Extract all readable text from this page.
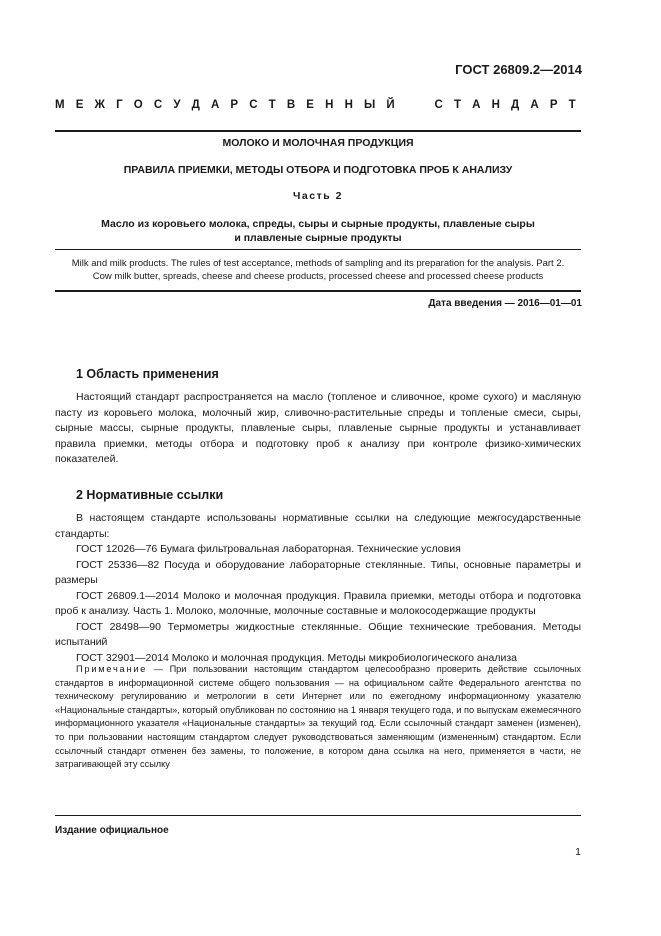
ГОСТ 26809.2—2014
М Е Ж Г О С У Д А Р С Т В Е Н Н Ы Й

	С Т А Н Д А Р Т
МОЛОКО И МОЛОЧНАЯ ПРОДУКЦИЯ
ПРАВИЛА ПРИЕМКИ, МЕТОДЫ ОТБОРА И ПОДГОТОВКА ПРОБ К АНАЛИЗУ
Часть 2
Масло из коровьего молока, спреды, сыры и сырные продукты, плавленые сыры
и плавленые сырные продукты
Milk and milk products. The rules of test acceptance, methods of sampling and its preparation for the analysis. Part 2.
Cow milk butter, spreads, cheese and cheese products, processed cheese and processed cheese products
Дата введения — 2016—01—01
1 Область применения
Настоящий стандарт распространяется на масло (топленое и сливочное, кроме сухого) и масляную пасту из коровьего молока, молочный жир, сливочно-растительные спреды и топленые смеси, сыры, сырные массы, сырные продукты, плавленые сыры, плавленые сырные продукты и устанавливает правила приемки, методы отбора и подготовку проб к анализу при контроле физико-химических показателей.
2 Нормативные ссылки
В настоящем стандарте использованы нормативные ссылки на следующие межгосударственные стандарты:
ГОСТ 12026—76 Бумага фильтровальная лабораторная. Технические условия
ГОСТ 25336—82 Посуда и оборудование лабораторные стеклянные. Типы, основные параметры и размеры
ГОСТ 26809.1—2014 Молоко и молочная продукция. Правила приемки, методы отбора и подготовка проб к анализу. Часть 1. Молоко, молочные, молочные составные и молокосодержащие продукты
ГОСТ 28498—90 Термометры жидкостные стеклянные. Общие технические требования. Методы испытаний
ГОСТ 32901—2014 Молоко и молочная продукция. Методы микробиологического анализа
Примечание — При пользовании настоящим стандартом целесообразно проверить действие ссылочных стандартов в информационной системе общего пользования — на официальном сайте Федерального агентства по техническому регулированию и метрологии в сети Интернет или по ежегодному информационному указателю «Национальные стандарты», который опубликован по состоянию на 1 января текущего года, и по выпускам ежемесячного информационного указателя «Национальные стандарты» за текущий год. Если ссылочный стандарт заменен (изменен), то при пользовании настоящим стандартом следует руководствоваться заменяющим (измененным) стандартом. Если ссылочный стандарт отменен без замены, то положение, в котором дана ссылка на него, применяется в части, не затрагивающей эту ссылку
Издание официальное
1
